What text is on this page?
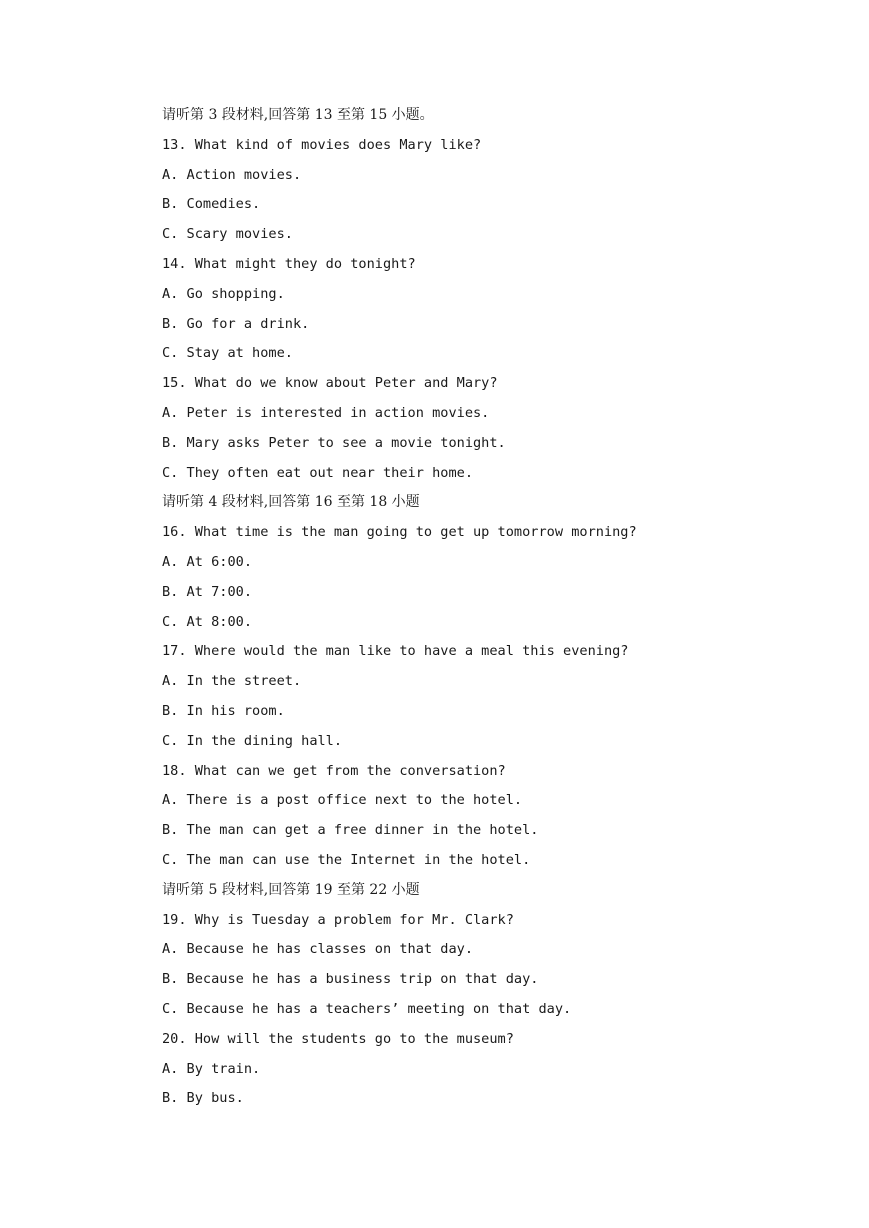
请听第 3 段材料,回答第 13 至第 15 小题。
13. What kind of movies does Mary like?
A. Action movies.
B. Comedies.
C. Scary movies.
14. What might they do tonight?
A. Go shopping.
B. Go for a drink.
C. Stay at home.
15. What do we know about Peter and Mary?
A. Peter is interested in action movies.
B. Mary asks Peter to see a movie tonight.
C. They often eat out near their home.
请听第 4 段材料,回答第 16 至第 18 小题
16. What time is the man going to get up tomorrow morning?
A. At 6:00.
B. At 7:00.
C. At 8:00.
17. Where would the man like to have a meal this evening?
A. In the street.
B. In his room.
C. In the dining hall.
18. What can we get from the conversation?
A. There is a post office next to the hotel.
B. The man can get a free dinner in the hotel.
C. The man can use the Internet in the hotel.
请听第 5 段材料,回答第 19 至第 22 小题
19. Why is Tuesday a problem for Mr. Clark?
A. Because he has classes on that day.
B. Because he has a business trip on that day.
C. Because he has a teachers’ meeting on that day.
20. How will the students go to the museum?
A. By train.
B. By bus.
